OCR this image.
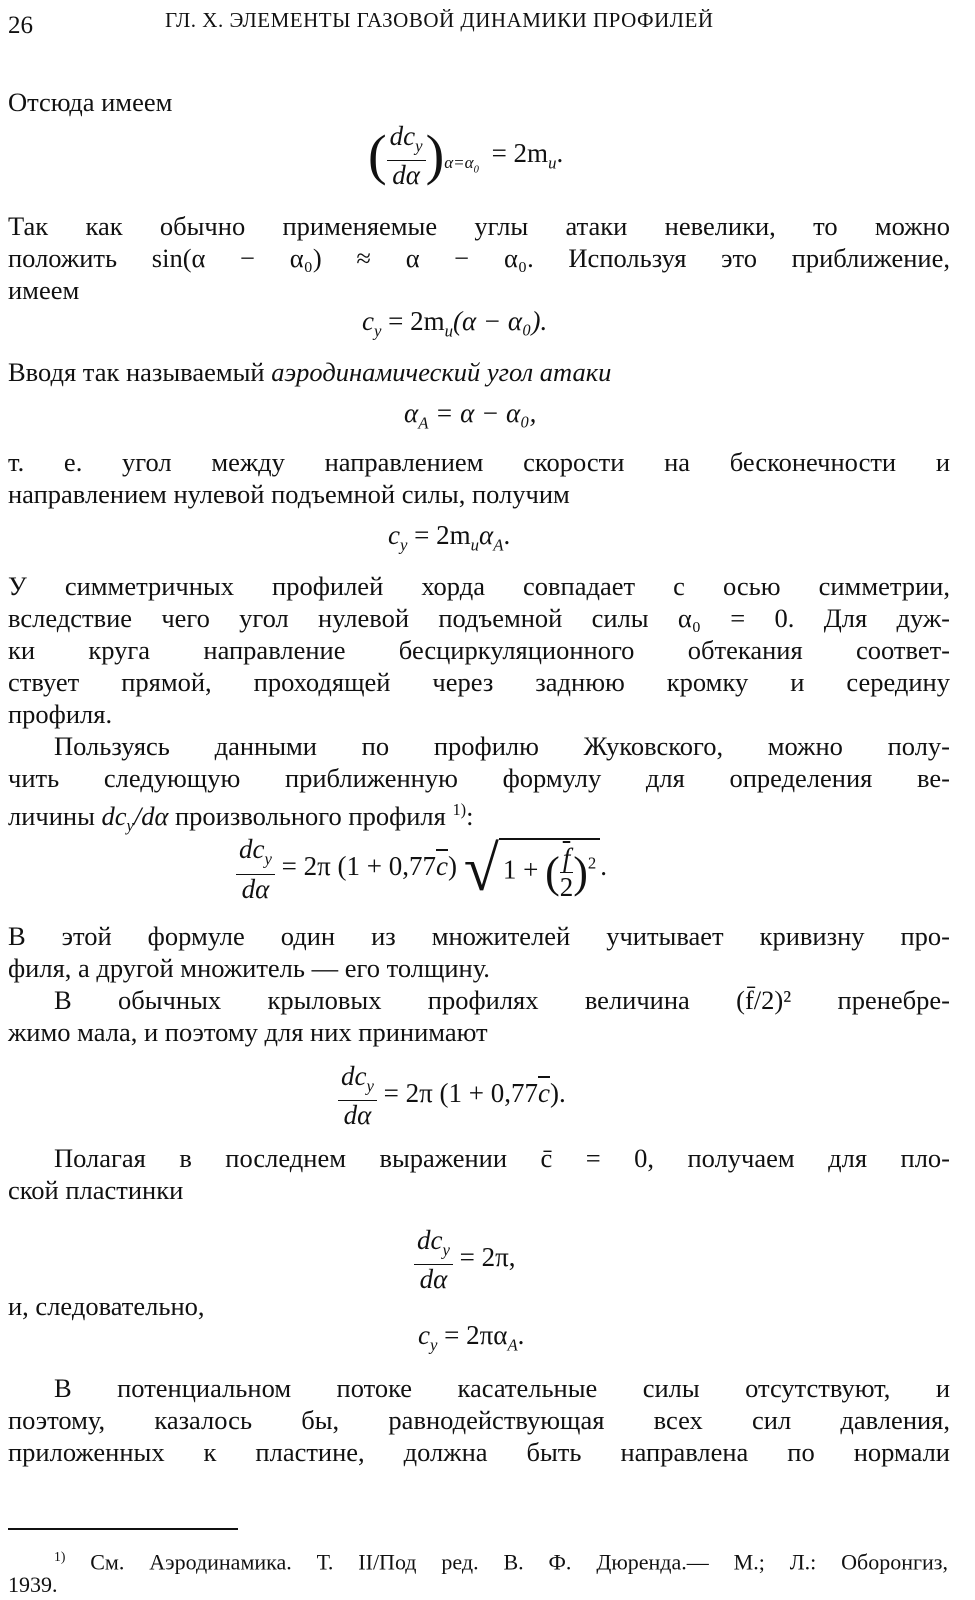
26	ГЛ. X. ЭЛЕМЕНТЫ ГАЗОВОЙ ДИНАМИКИ ПРОФИЛЕЙ
Отсюда имеем
( $\frac{dc_y}{d\alpha} )_{\alpha=\alpha_0} = 2m_u$.
Так как обычно применяемые углы атаки невелики, то можно
положить sin(α − α₀) ≈ α − α₀. Используя это приближение,
имеем
$c_y = 2m_u(\alpha - \alpha_0)$.
Вводя так называемый аэродинамический угол атаки
$\alpha_A = \alpha - \alpha_0$,
т. е. угол между направлением скорости на бесконечности и
направлением нулевой подъемной силы, получим
$c_y = 2m_u\alpha_A$.
У симметричных профилей хорда совпадает с осью симметрии,
вследствие чего угол нулевой подъемной силы α₀ = 0. Для дуж-
ки круга направление бесциркуляционного обтекания соответ-
ствует прямой, проходящей через заднюю кромку и середину
профиля.
Пользуясь данными по профилю Жуковского, можно полу-
чить следующую приближенную формулу для определения ве-
личины $dc_y/d\alpha$ произвольного профиля $^{1)}$:
$\frac{dc_y}{d\alpha} = 2\pi$ $(1 + 0,77\overline{c})$ √ 1 + ( $\frac{\overline{f}}{2} )^2$ .
В этой формуле один из множителей учитывает кривизну про-
филя, а другой множитель — его толщину.
В обычных крыловых профилях величина (f̄/2)² пренебре-
жимо мала, и поэтому для них принимают
$\frac{dc_y}{d\alpha} = 2\pi$ $(1 + 0,77\overline{c})$.
Полагая в последнем выражении c̄ = 0, получаем для пло-
ской пластинки
$\frac{dc_y}{d\alpha} = 2\pi$,
и, следовательно,
$c_y = 2\pi\alpha_A$.
В потенциальном потоке касательные силы отсутствуют, и
поэтому, казалось бы, равнодействующая всех сил давления,
приложенных к пластине, должна быть направлена по нормали
$^{1)}$ См. Аэродинамика. Т. II/Под ред. В. Ф. Дюренда.— М.; Л.: Оборонгиз,
1939.
